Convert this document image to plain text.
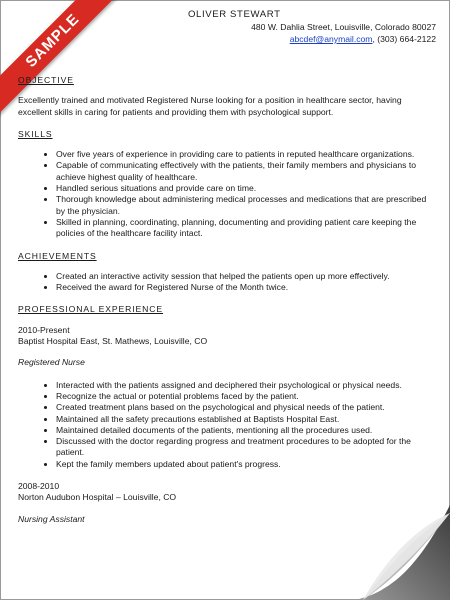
SAMPLE	OLIVER STEWART
480 W. Dahlia Street, Louisville, Colorado 80027
abcdef@anymail.com, (303) 664-2122
OBJECTIVE
Excellently trained and motivated Registered Nurse looking for a position in healthcare sector, having excellent skills in caring for patients and providing them with psychological support.
SKILLS
• Over five years of experience in providing care to patients in reputed healthcare organizations.
• Capable of communicating effectively with the patients, their family members and physicians to achieve highest quality of healthcare.
• Handled serious situations and provide care on time.
• Thorough knowledge about administering medical processes and medications that are prescribed by the physician.
• Skilled in planning, coordinating, planning, documenting and providing patient care keeping the policies of the healthcare facility intact.
ACHIEVEMENTS
• Created an interactive activity session that helped the patients open up more effectively.
• Received the award for Registered Nurse of the Month twice.
PROFESSIONAL EXPERIENCE
2010-Present
Baptist Hospital East, St. Mathews, Louisville, CO
Registered Nurse
• Interacted with the patients assigned and deciphered their psychological or physical needs.
• Recognize the actual or potential problems faced by the patient.
• Created treatment plans based on the psychological and physical needs of the patient.
• Maintained all the safety precautions established at Baptists Hospital East.
• Maintained detailed documents of the patients, mentioning all the procedures used.
• Discussed with the doctor regarding progress and treatment procedures to be adopted for the patient.
• Kept the family members updated about patient's progress.
2008-2010
Norton Audubon Hospital – Louisville, CO
Nursing Assistant
